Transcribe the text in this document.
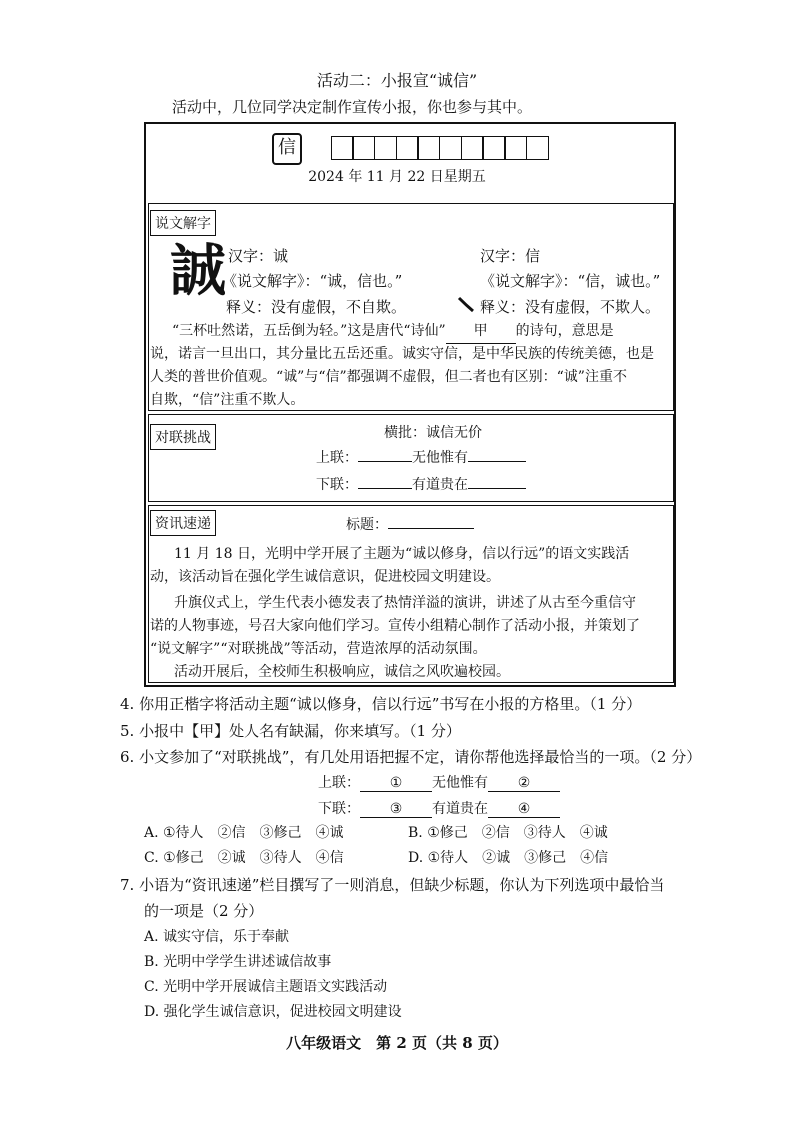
活动二：小报宣“诚信”
活动中，几位同学决定制作宣传小报，你也参与其中。
信
2024 年 11 月 22 日星期五
说文解字
誠 汉字：诚
《说文解字》：“诚，信也。”
释义：没有虚假，不自欺。
汉字：信
《说文解字》：“信，诚也。”
释义：没有虚假，不欺人。
“三杯吐然诺，五岳倒为轻。”这是唐代“诗仙” 甲 的诗句，意思是
说，诺言一旦出口，其分量比五岳还重。诚实守信，是中华民族的传统美德，也是
人类的普世价值观。“诚”与“信”都强调不虚假，但二者也有区别：“诚”注重不
自欺，“信”注重不欺人。
对联挑战	横批：诚信无价
上联：	无他惟有
下联：	有道贵在
资讯速递	标题：
11 月 18 日，光明中学开展了主题为“诚以修身，信以行远”的语文实践活
动，该活动旨在强化学生诚信意识，促进校园文明建设。
升旗仪式上，学生代表小德发表了热情洋溢的演讲，讲述了从古至今重信守
诺的人物事迹，号召大家向他们学习。宣传小组精心制作了活动小报，并策划了
“说文解字”“对联挑战”等活动，营造浓厚的活动氛围。
活动开展后，全校师生积极响应，诚信之风吹遍校园。
4. 你用正楷字将活动主题“诚以修身，信以行远”书写在小报的方格里。（1 分）
5. 小报中【甲】处人名有缺漏，你来填写。（1 分）
6. 小文参加了“对联挑战”，有几处用语把握不定，请你帮他选择最恰当的一项。（2 分）
上联： ① 无他惟有 ②
下联： ③ 有道贵在 ④
A. ①待人　②信　③修己　④诚	B. ①修己　②信　③待人　④诚
C. ①修己　②诚　③待人　④信	D. ①待人　②诚　③修己　④信
7. 小语为“资讯速递”栏目撰写了一则消息，但缺少标题，你认为下列选项中最恰当
的一项是（2 分）
A. 诚实守信，乐于奉献
B. 光明中学学生讲述诚信故事
C. 光明中学开展诚信主题语文实践活动
D. 强化学生诚信意识，促进校园文明建设
八年级语文　第 2 页（共 8 页）
